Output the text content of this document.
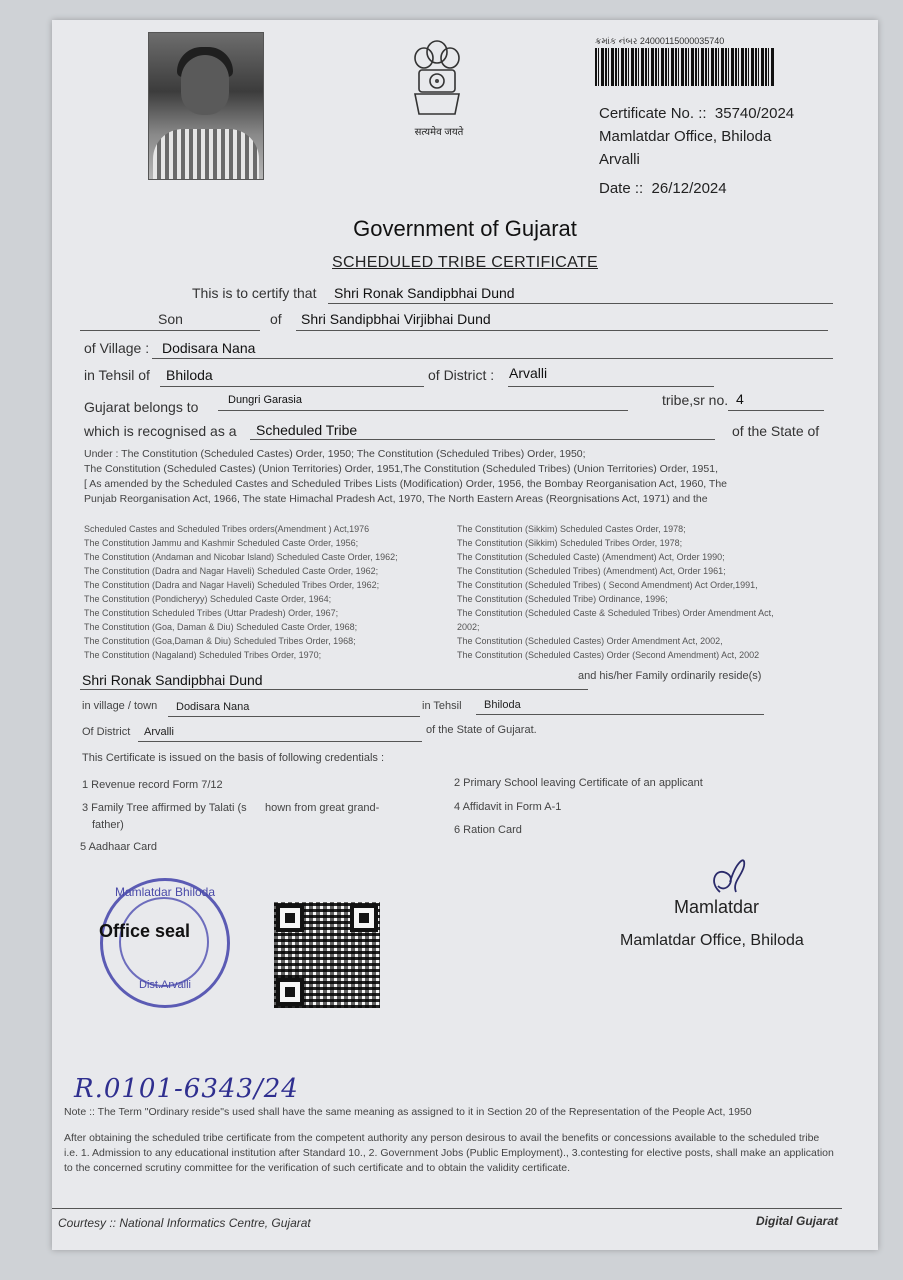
सत्यमेव जयते
ક્રમાંક નંબર 24000115000035740
Certificate No. :: 35740/2024
Mamlatdar Office, Bhiloda
Arvalli
Date :: 26/12/2024
Government of Gujarat
SCHEDULED TRIBE CERTIFICATE
This is to certify that Shri Ronak Sandipbhai Dund
Son	of Shri Sandipbhai Virjibhai Dund
of Village : Dodisara Nana
in Tehsil of Bhiloda	of District : Arvalli
Gujarat belongs to	Dungri Garasia	tribe,sr no. 4
which is recognised as a Scheduled Tribe	of the State of
Under : The Constitution (Scheduled Castes) Order, 1950; The Constitution (Scheduled Tribes) Order, 1950;
The Constitution (Scheduled Castes) (Union Territories) Order, 1951,The Constitution (Scheduled Tribes) (Union Territories) Order, 1951,
[ As amended by the Scheduled Castes and Scheduled Tribes Lists (Modification) Order, 1956, the Bombay Reorganisation Act, 1960, The
Punjab Reorganisation Act, 1966, The state Himachal Pradesh Act, 1970, The North Eastern Areas (Reorgnisations Act, 1971) and the
Scheduled Castes and Scheduled Tribes orders(Amendment ) Act,1976
The Constitution Jammu and Kashmir Scheduled Caste Order, 1956;
The Constitution (Andaman and Nicobar Island) Scheduled Caste Order, 1962;
The Constitution (Dadra and Nagar Haveli) Scheduled Caste Order, 1962;
The Constitution (Dadra and Nagar Haveli) Scheduled Tribes Order, 1962;
The Constitution (Pondicheryy) Scheduled Caste Order, 1964;
The Constitution Scheduled Tribes (Uttar Pradesh) Order, 1967;
The Constitution (Goa, Daman & Diu) Scheduled Caste Order, 1968;
The Constitution (Goa,Daman & Diu) Scheduled Tribes Order, 1968;
The Constitution (Nagaland) Scheduled Tribes Order, 1970;
The Constitution (Sikkim) Scheduled Castes Order, 1978;
The Constitution (Sikkim) Scheduled Tribes Order, 1978;
The Constitution (Scheduled Caste) (Amendment) Act, Order 1990;
The Constitution (Scheduled Tribes) (Amendment) Act, Order 1961;
The Constitution (Scheduled Tribes) ( Second Amendment) Act Order,1991,
The Constitution (Scheduled Tribe) Ordinance, 1996;
The Constitution (Scheduled Caste & Scheduled Tribes) Order Amendment Act,
2002;
The Constitution (Scheduled Castes) Order Amendment Act, 2002,
The Constitution (Scheduled Castes) Order (Second Amendment) Act, 2002
Shri Ronak Sandipbhai Dund	and his/her Family ordinarily reside(s)
in village / town Dodisara Nana	in Tehsil Bhiloda
Of District Arvalli	of the State of Gujarat.
This Certificate is issued on the basis of following credentials :
1 Revenue record Form 7/12	2 Primary School leaving Certificate of an applicant
3 Family Tree affirmed by Talati (s hown from great grand-
father)
4 Affidavit in Form A-1
5 Aadhaar Card
6 Ration Card
Mamlatdar Bhiloda
Dist.Arvalli
Office seal
Mamlatdar
Mamlatdar Office, Bhiloda
R.0101-6343/24
Note :: The Term "Ordinary reside"s used shall have the same meaning as assigned to it in Section 20 of the Representation of the People Act, 1950
After obtaining the scheduled tribe certificate from the competent authority any person desirous to avail the benefits or concessions available to the scheduled tribe i.e. 1. Admission to any educational institution after Standard 10., 2. Government Jobs (Public Employment)., 3.contesting for elective posts, shall make an application to the concerned scrutiny committee for the verification of such certificate and to obtain the validity certificate.
Courtesy :: National Informatics Centre, Gujarat	Digital Gujarat
